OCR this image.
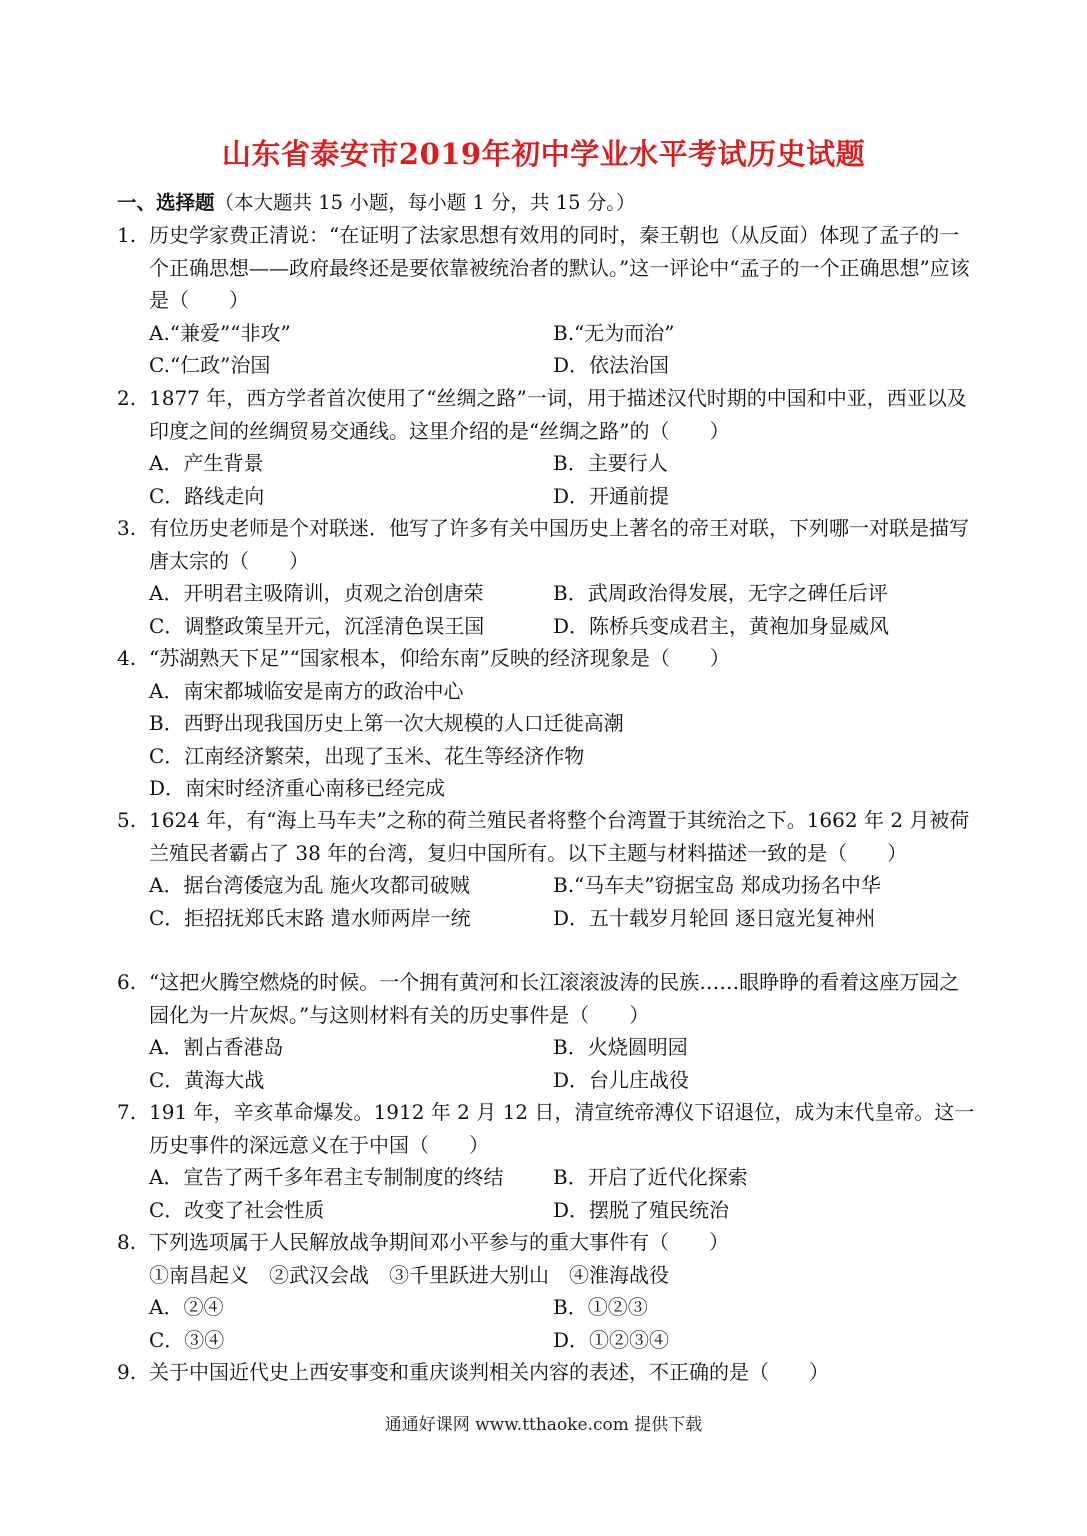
山东省泰安市2019年初中学业水平考试历史试题
一、选择题（本大题共 15 小题，每小题 1 分，共 15 分。）
1. 历史学家费正清说：“在证明了法家思想有效用的同时，秦王朝也（从反面）体现了孟子的一个正确思想——政府最终还是要依靠被统治者的默认。”这一评论中“孟子的一个正确思想”应该是（　　）
A.“兼爱”“非攻”	B.“无为而治”
C.“仁政”治国	D．依法治国
2. 1877 年，西方学者首次使用了“丝绸之路”一词，用于描述汉代时期的中国和中亚，西亚以及印度之间的丝绸贸易交通线。这里介绍的是“丝绸之路”的（　　）
A．产生背景	B．主要行人
C．路线走向	D．开通前提
3. 有位历史老师是个对联迷．他写了许多有关中国历史上著名的帝王对联，下列哪一对联是描写唐太宗的（　　）
A．开明君主吸隋训，贞观之治创唐荣	B．武周政治得发展，无字之碑任后评
C．调整政策呈开元，沉淫清色误王国	D．陈桥兵变成君主，黄袍加身显威风
4. “苏湖熟天下足”“国家根本，仰给东南”反映的经济现象是（　　）
A．南宋都城临安是南方的政治中心
B．西野出现我国历史上第一次大规模的人口迁徙高潮
C．江南经济繁荣，出现了玉米、花生等经济作物
D．南宋时经济重心南移已经完成
5. 1624 年，有“海上马车夫”之称的荷兰殖民者将整个台湾置于其统治之下。1662 年 2 月被荷兰殖民者霸占了 38 年的台湾，复归中国所有。以下主题与材料描述一致的是（　　）
A．据台湾倭寇为乱 施火攻都司破贼	B.“马车夫”窃据宝岛 郑成功扬名中华
C．拒招抚郑氏末路 遣水师两岸一统	D．五十载岁月轮回 逐日寇光复神州
6. “这把火腾空燃烧的时候。一个拥有黄河和长江滚滚波涛的民族……眼睁睁的看着这座万园之园化为一片灰烬。”与这则材料有关的历史事件是（　　）
A．割占香港岛	B．火烧圆明园
C．黄海大战	D．台儿庄战役
7. 191 年，辛亥革命爆发。1912 年 2 月 12 日，清宣统帝溥仪下诏退位，成为末代皇帝。这一历史事件的深远意义在于中国（　　）
A．宣告了两千多年君主专制制度的终结	B．开启了近代化探索
C．改变了社会性质	D．摆脱了殖民统治
8. 下列选项属于人民解放战争期间邓小平参与的重大事件有（　　）
①南昌起义　②武汉会战　③千里跃进大别山　④淮海战役
A．②④	B．①②③
C．③④	D．①②③④
9. 关于中国近代史上西安事变和重庆谈判相关内容的表述，不正确的是（　　）
通通好课网 www.tthaoke.com 提供下载
